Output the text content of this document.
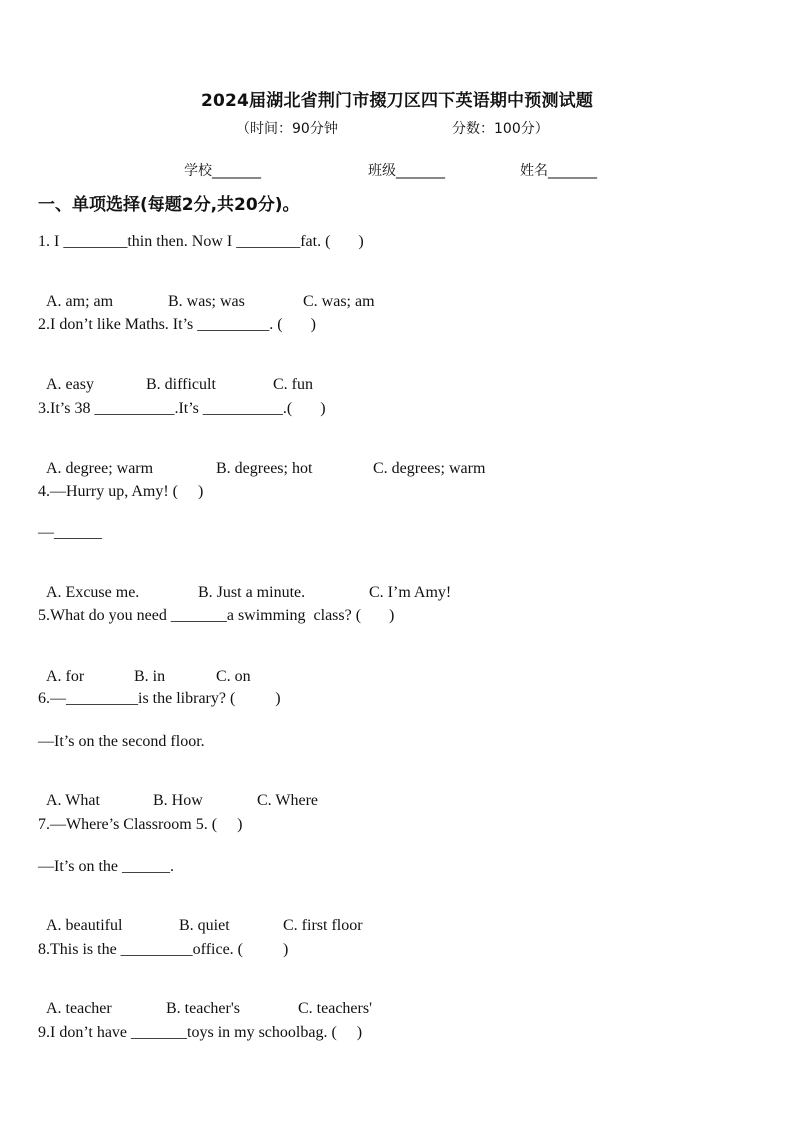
2024届湖北省荆门市掇刀区四下英语期中预测试题
（时间：90分钟	分数：100分）
学校_______	班级_______	姓名_______
一、单项选择(每题2分,共20分)。
1. I ________thin then. Now I ________fat. (       )

A. am; am	B. was; was	C. was; am

2.I don’t like Maths. It’s _________. (       )

A. easy	B. difficult	C. fun

3.It’s 38 __________.It’s __________.(       )

A. degree; warm	B. degrees; hot	C. degrees; warm

4.—Hurry up, Amy! (     )
—______

A. Excuse me.	B. Just a minute.	C. I’m Amy!

5.What do you need _______a swimming  class? (       )

A. for	B. in	C. on

6.—_________is the library? (          )
—It’s on the second floor.

A. What	B. How	C. Where

7.—Where’s Classroom 5. (     )
—It’s on the ______.

A. beautiful	B. quiet	C. first floor

8.This is the _________office. (          )

A. teacher	B. teacher's	C. teachers'

9.I don’t have _______toys in my schoolbag. (     )
